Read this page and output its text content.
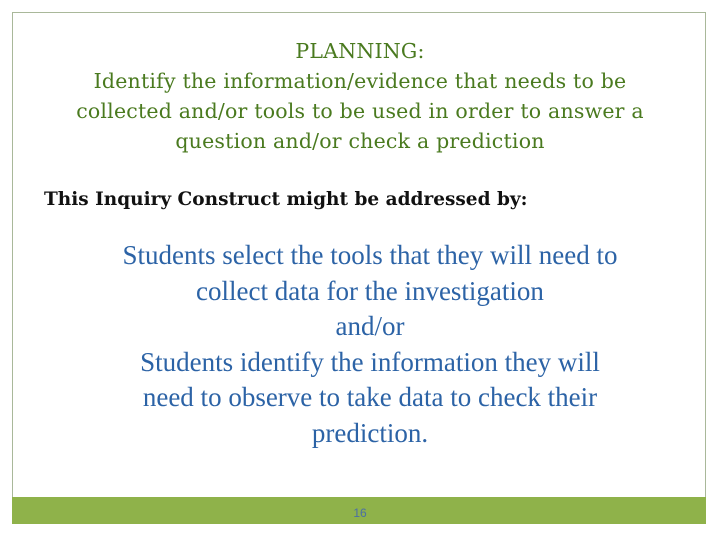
PLANNING:
Identify the information/evidence that needs to be
collected and/or tools to be used in order to answer a
question and/or check a prediction
This Inquiry Construct might be addressed by:
Students select the tools that they will need to
collect data for the investigation
and/or
Students identify the information they will
need to observe to take data to check their
prediction.
16
